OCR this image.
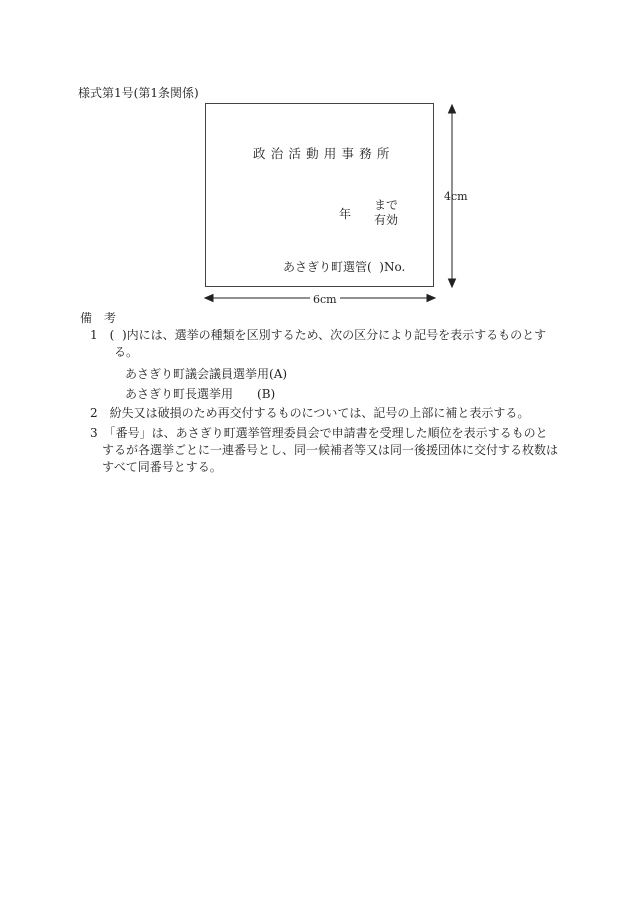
様式第1号(第1条関係)
政治活動用事務所
年
まで
有効
あさぎり町選管(  )No.
4cm
6cm
備　考
1　(  )内には、選挙の種類を区別するため、次の区分により記号を表示するものとす
る。
あさぎり町議会議員選挙用(A)
あさぎり町長選挙用 (B)
2　紛失又は破損のため再交付するものについては、記号の上部に補と表示する。
3　「番号」は、あさぎり町選挙管理委員会で申請書を受理した順位を表示するものと
するが各選挙ごとに一連番号とし、同一候補者等又は同一後援団体に交付する枚数は
すべて同番号とする。
